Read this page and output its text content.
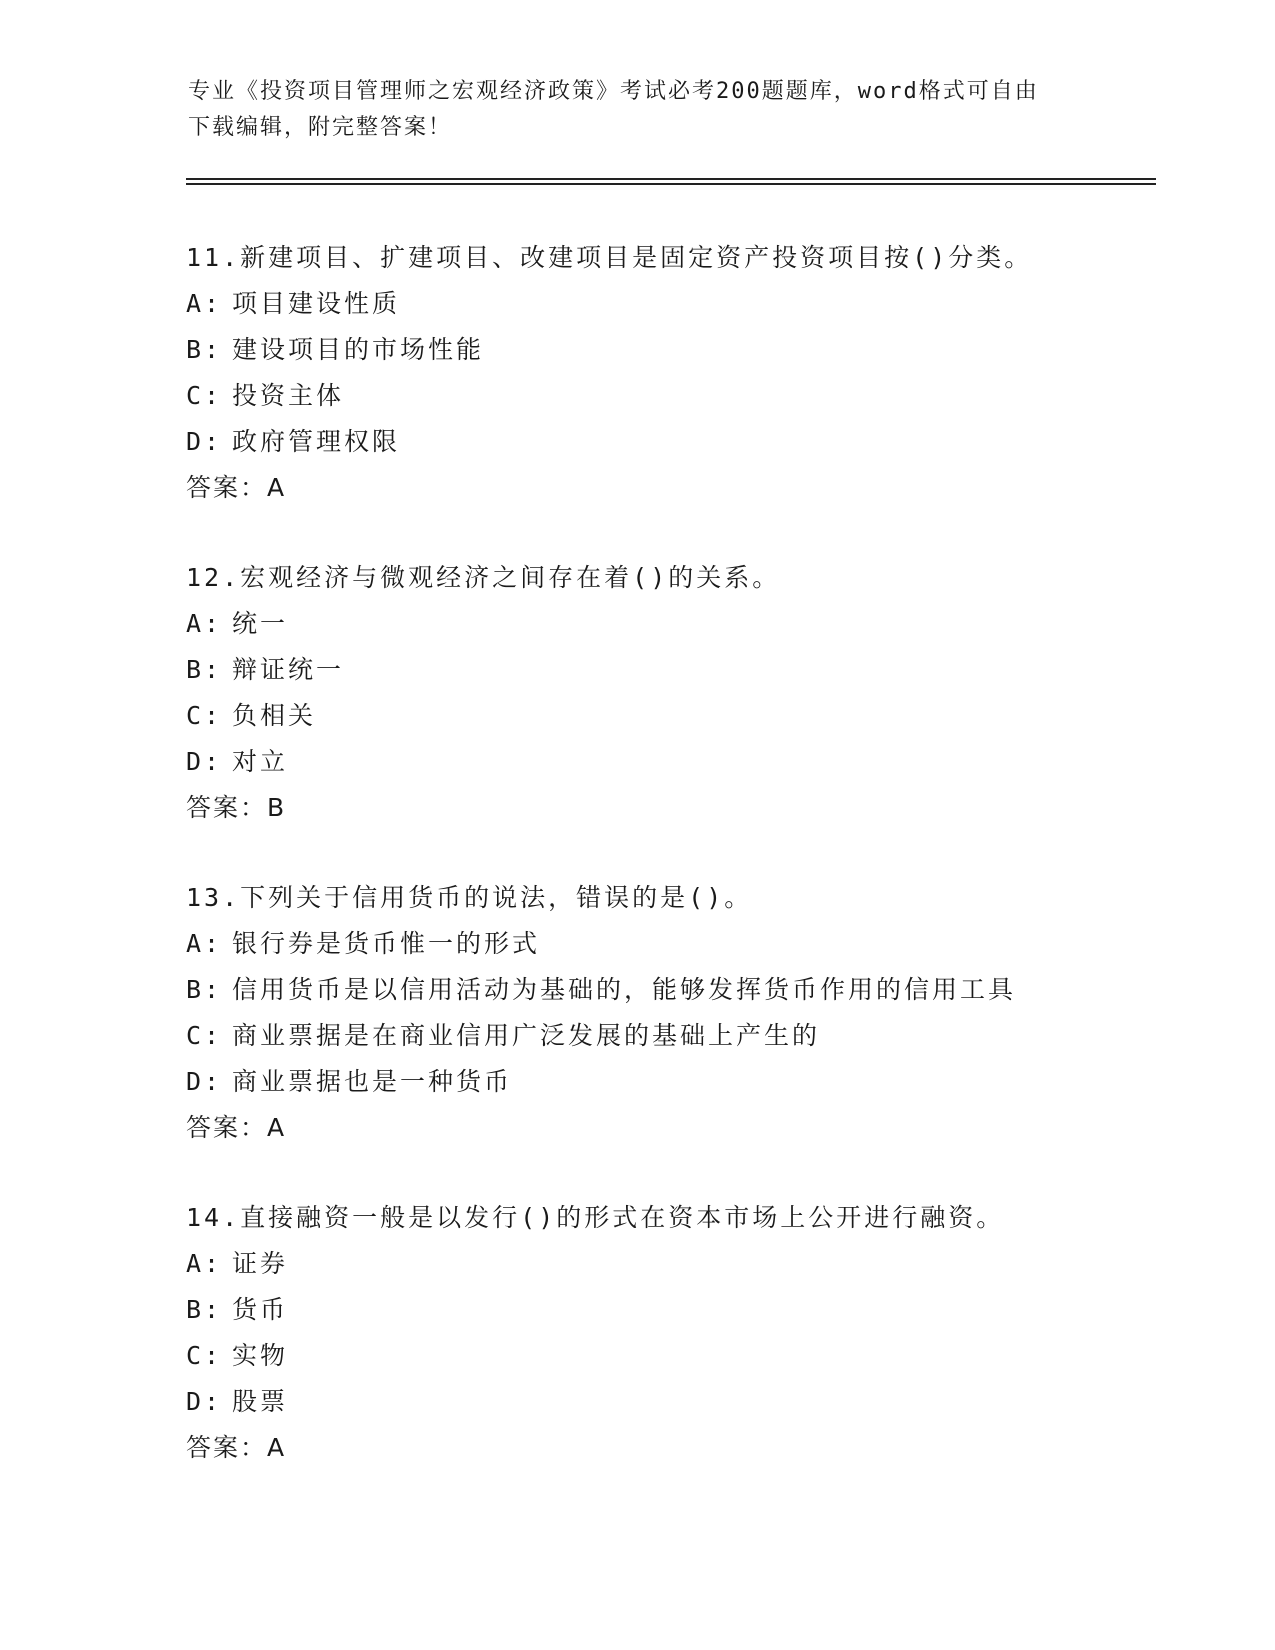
专业《投资项目管理师之宏观经济政策》考试必考200题题库，word格式可自由
下载编辑，附完整答案！
11.新建项目、扩建项目、改建项目是固定资产投资项目按()分类。
A: 项目建设性质
B: 建设项目的市场性能
C: 投资主体
D: 政府管理权限
答案：A
12.宏观经济与微观经济之间存在着()的关系。
A: 统一
B: 辩证统一
C: 负相关
D: 对立
答案：B
13.下列关于信用货币的说法，错误的是()。
A: 银行券是货币惟一的形式
B: 信用货币是以信用活动为基础的，能够发挥货币作用的信用工具
C: 商业票据是在商业信用广泛发展的基础上产生的
D: 商业票据也是一种货币
答案：A
14.直接融资一般是以发行()的形式在资本市场上公开进行融资。
A: 证券
B: 货币
C: 实物
D: 股票
答案：A
